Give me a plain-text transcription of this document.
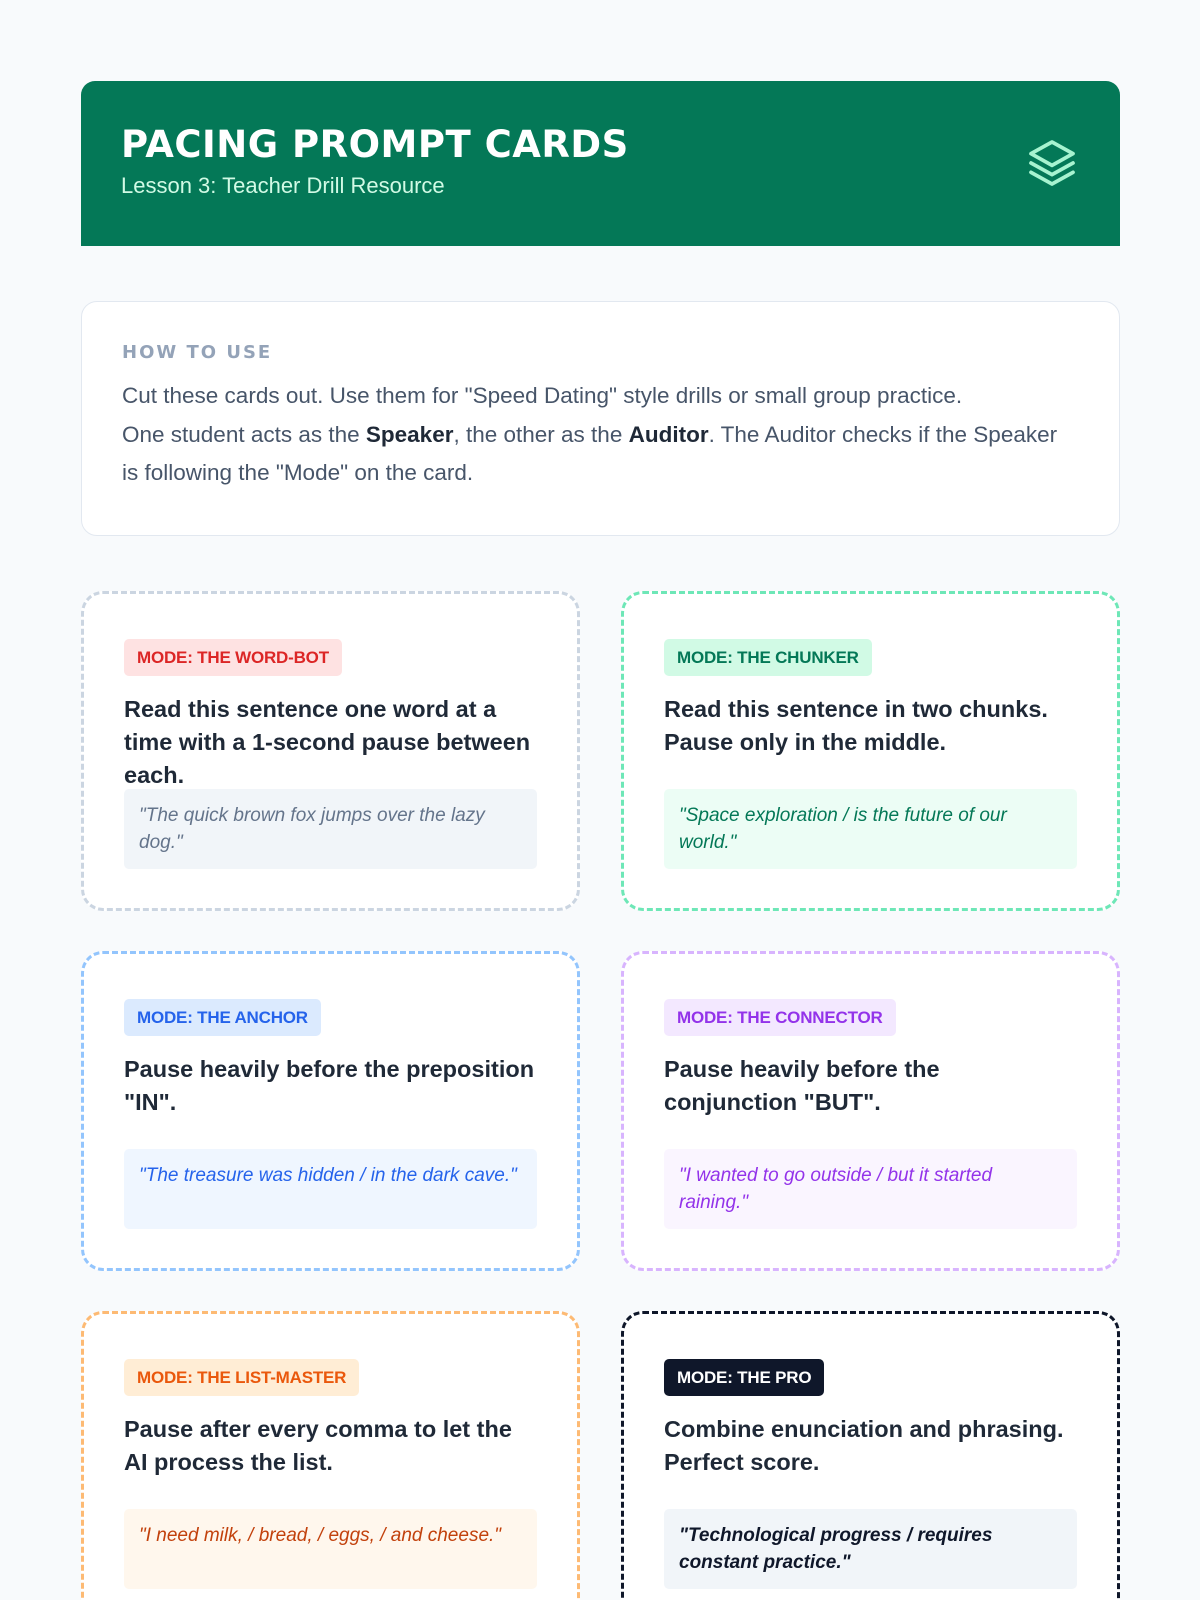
PACING PROMPT CARDS
Lesson 3: Teacher Drill Resource
HOW TO USE
Cut these cards out. Use them for "Speed Dating" style drills or small group practice.
One student acts as the Speaker, the other as the Auditor. The Auditor checks if the Speaker is following the "Mode" on the card.
MODE: THE WORD-BOT
Read this sentence one word at a time with a 1-second pause between each.
"The quick brown fox jumps over the lazy dog."
MODE: THE CHUNKER
Read this sentence in two chunks. Pause only in the middle.
"Space exploration / is the future of our world."
MODE: THE ANCHOR
Pause heavily before the preposition "IN".
"The treasure was hidden / in the dark cave."
MODE: THE CONNECTOR
Pause heavily before the conjunction "BUT".
"I wanted to go outside / but it started raining."
MODE: THE LIST-MASTER
Pause after every comma to let the AI process the list.
"I need milk, / bread, / eggs, / and cheese."
MODE: THE PRO
Combine enunciation and phrasing. Perfect score.
"Technological progress / requires constant practice."
